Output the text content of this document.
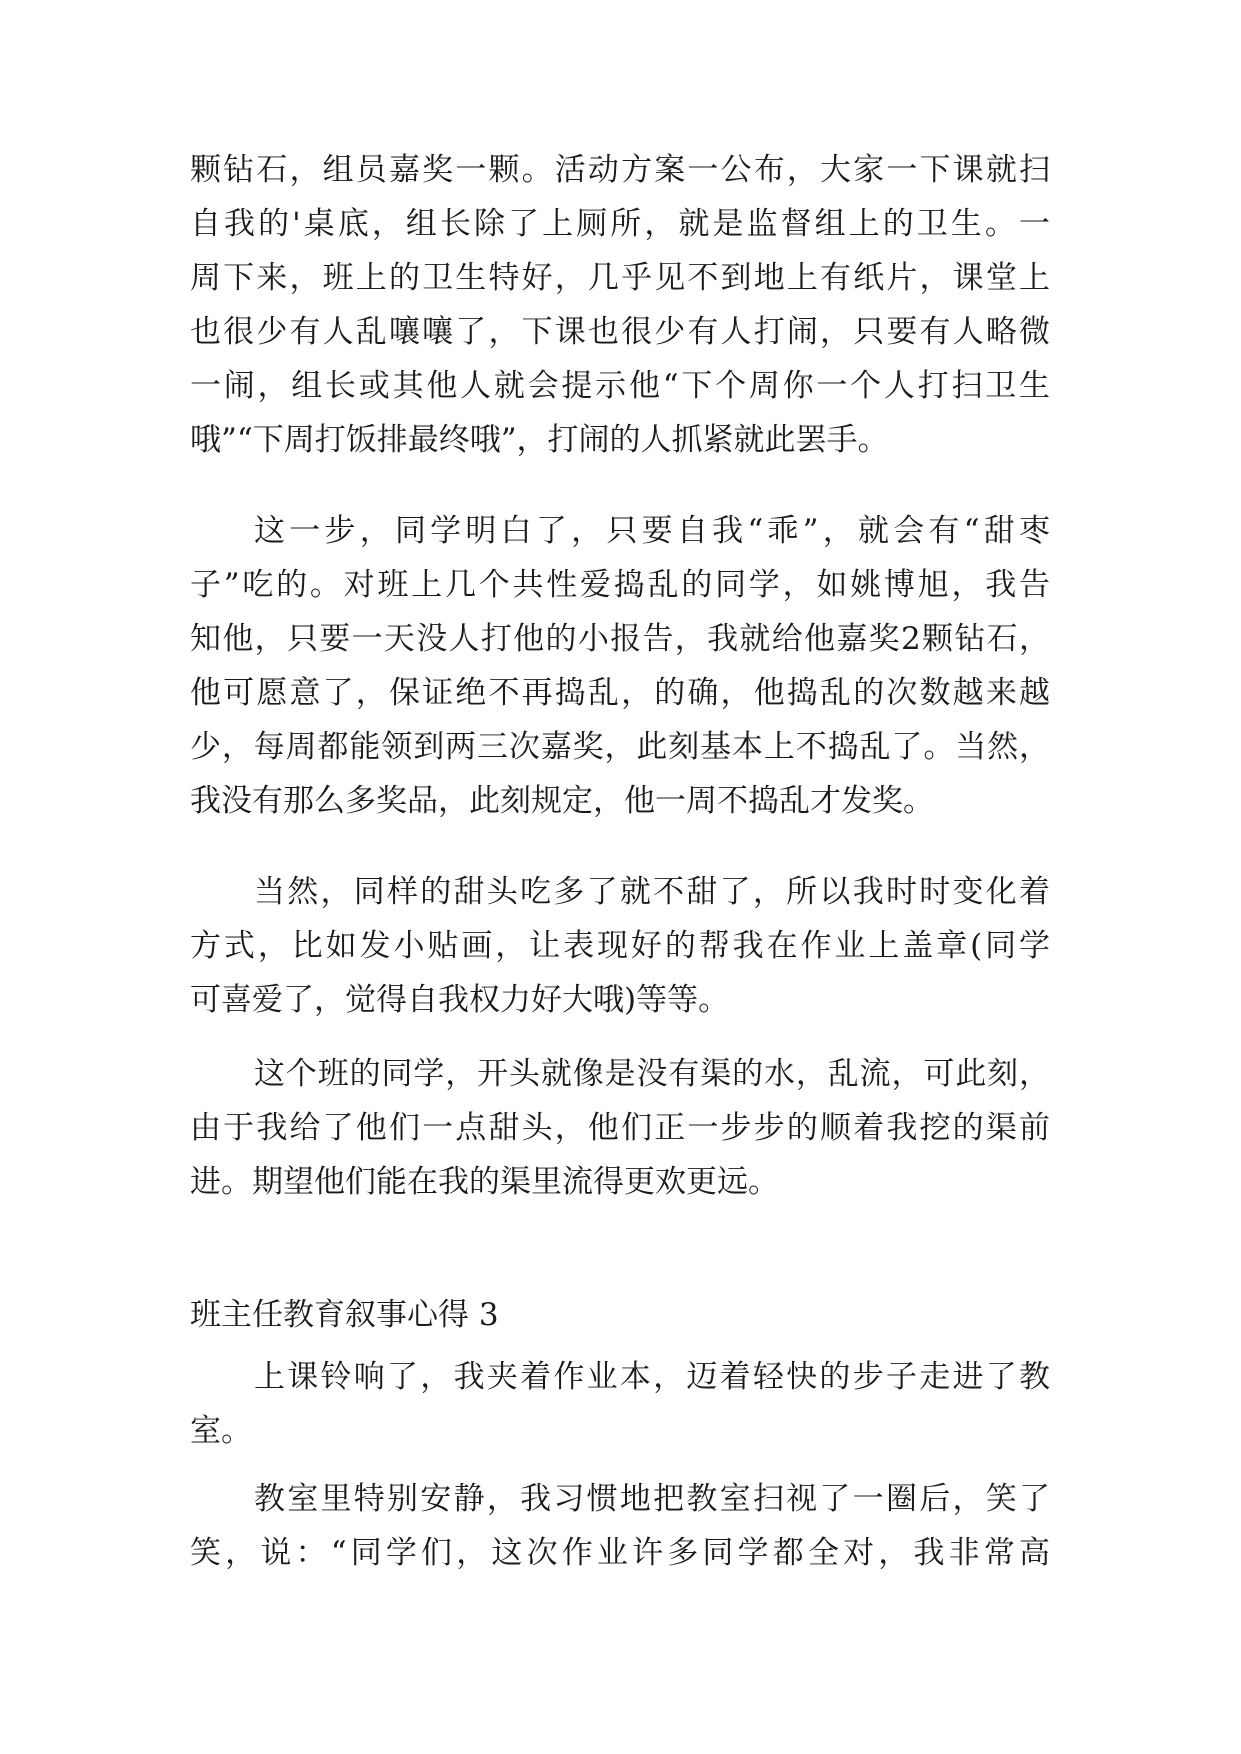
颗钻石，组员嘉奖一颗。活动方案一公布，大家一下课就扫
自我的'桌底，组长除了上厕所，就是监督组上的卫生。一
周下来，班上的卫生特好，几乎见不到地上有纸片，课堂上
也很少有人乱嚷嚷了，下课也很少有人打闹，只要有人略微
一闹，组长或其他人就会提示他“下个周你一个人打扫卫生
哦”“下周打饭排最终哦”，打闹的人抓紧就此罢手。
这一步，同学明白了，只要自我“乖”，就会有“甜枣
子”吃的。对班上几个共性爱捣乱的同学，如姚博旭，我告
知他，只要一天没人打他的小报告，我就给他嘉奖2颗钻石，
他可愿意了，保证绝不再捣乱，的确，他捣乱的次数越来越
少，每周都能领到两三次嘉奖，此刻基本上不捣乱了。当然，
我没有那么多奖品，此刻规定，他一周不捣乱才发奖。
当然，同样的甜头吃多了就不甜了，所以我时时变化着
方式，比如发小贴画，让表现好的帮我在作业上盖章(同学
可喜爱了，觉得自我权力好大哦)等等。
这个班的同学，开头就像是没有渠的水，乱流，可此刻，
由于我给了他们一点甜头，他们正一步步的顺着我挖的渠前
进。期望他们能在我的渠里流得更欢更远。
班主任教育叙事心得 3
上课铃响了，我夹着作业本，迈着轻快的步子走进了教
室。
教室里特别安静，我习惯地把教室扫视了一圈后，笑了
笑，说：“同学们，这次作业许多同学都全对，我非常高
